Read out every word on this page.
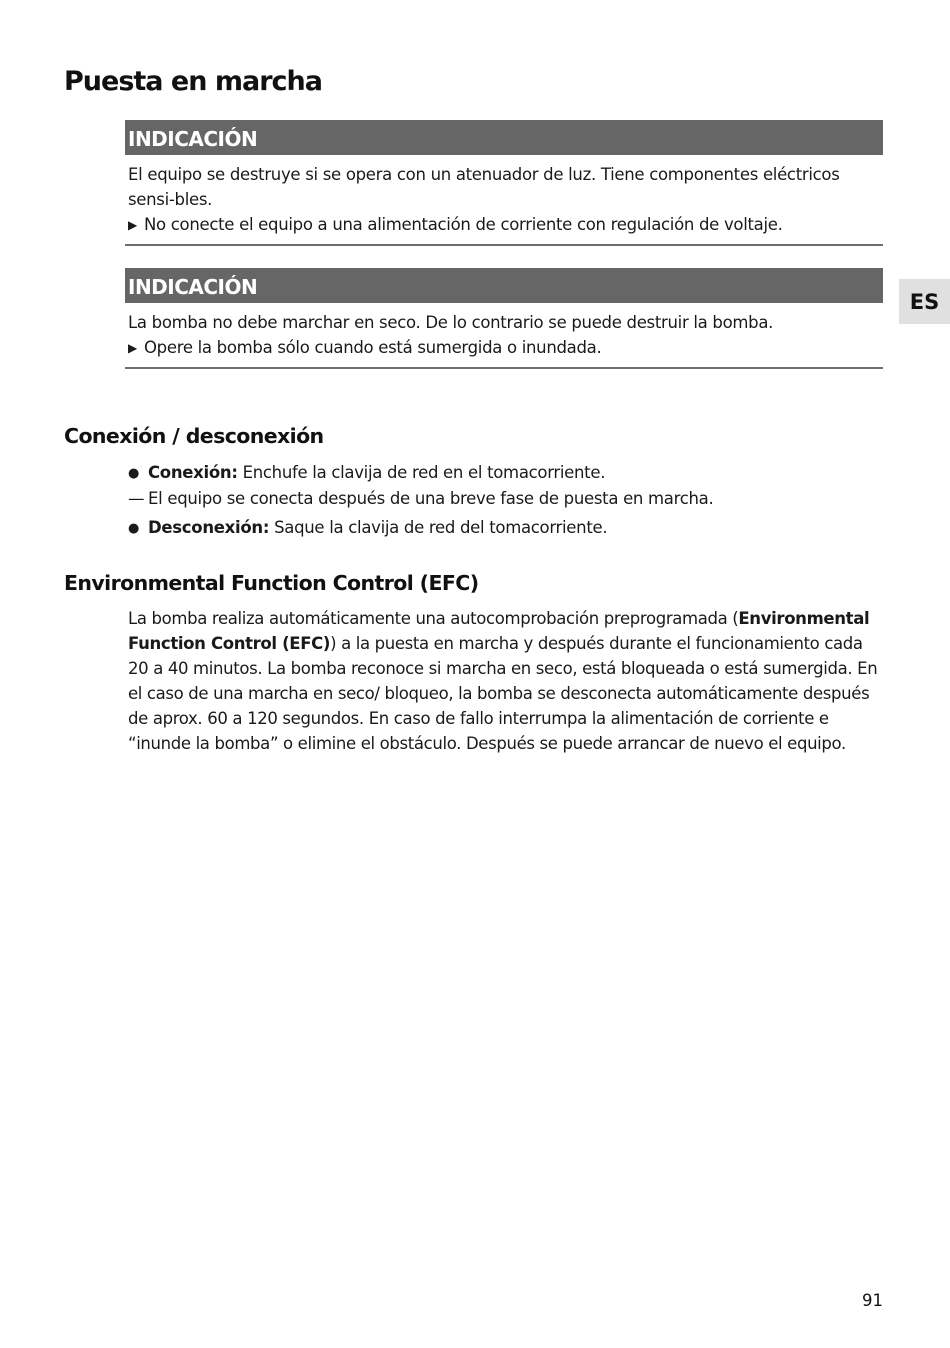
Puesta en marcha
INDICACIÓN

El equipo se destruye si se opera con un atenuador de luz. Tiene componentes eléctricos sensi-bles.

▶ No conecte el equipo a una alimentación de corriente con regulación de voltaje.

INDICACIÓN

La bomba no debe marchar en seco. De lo contrario se puede destruir la bomba.

▶ Opere la bomba sólo cuando está sumergida o inundada.

ES
Conexión / desconexión
● Conexión: Enchufe la clavija de red en el tomacorriente.
— El equipo se conecta después de una breve fase de puesta en marcha.
● Desconexión: Saque la clavija de red del tomacorriente.
Environmental Function Control (EFC)

La bomba realiza automáticamente una autocomprobación preprogramada (Environmental Function Control (EFC)) a la puesta en marcha y después durante el funcionamiento cada 20 a 40 minutos. La bomba reconoce si marcha en seco, está bloqueada o está sumergida. En el caso de una marcha en seco/ bloqueo, la bomba se desconecta automáticamente después de aprox. 60 a 120 segundos. En caso de fallo interrumpa la alimentación de corriente e “inunde la bomba” o elimine el obstáculo. Después se puede arrancar de nuevo el equipo.

91
